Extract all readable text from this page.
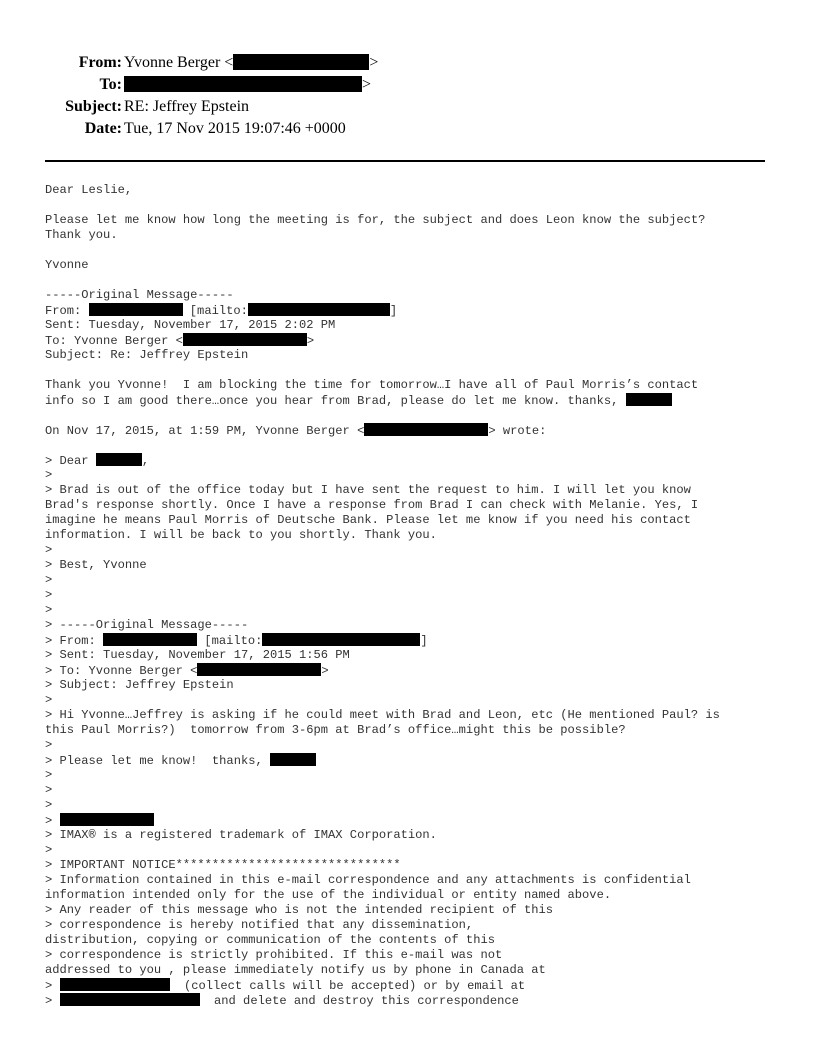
From: Yvonne Berger <	>
To:	>
Subject: RE: Jeffrey Epstein
Date: Tue, 17 Nov 2015 19:07:46 +0000
Dear Leslie,
Please let me know how long the meeting is for, the subject and does Leon know the subject?
Thank you.
Yvonne
-----Original Message-----
From:	[mailto:	]
Sent: Tuesday, November 17, 2015 2:02 PM
To: Yvonne Berger <	>
Subject: Re: Jeffrey Epstein
Thank you Yvonne!  I am blocking the time for tomorrow…I have all of Paul Morris’s contact
info so I am good there…once you hear from Brad, please do let me know. thanks,
On Nov 17, 2015, at 1:59 PM, Yvonne Berger <	> wrote:
> Dear	,
>
> Brad is out of the office today but I have sent the request to him. I will let you know
Brad's response shortly. Once I have a response from Brad I can check with Melanie. Yes, I
imagine he means Paul Morris of Deutsche Bank. Please let me know if you need his contact
information. I will be back to you shortly. Thank you.
>
> Best, Yvonne
>
>
>
> -----Original Message-----
> From:	[mailto:	]
> Sent: Tuesday, November 17, 2015 1:56 PM
> To: Yvonne Berger <	>
> Subject: Jeffrey Epstein
>
> Hi Yvonne…Jeffrey is asking if he could meet with Brad and Leon, etc (He mentioned Paul? is
this Paul Morris?)  tomorrow from 3-6pm at Brad’s office…might this be possible?
>
> Please let me know!  thanks,
>
>
>
>
> IMAX® is a registered trademark of IMAX Corporation.
>
> IMPORTANT NOTICE*******************************
> Information contained in this e-mail correspondence and any attachments is confidential
information intended only for the use of the individual or entity named above.
> Any reader of this message who is not the intended recipient of this
> correspondence is hereby notified that any dissemination,
distribution, copying or communication of the contents of this
> correspondence is strictly prohibited. If this e-mail was not
addressed to you , please immediately notify us by phone in Canada at
>	(collect calls will be accepted) or by email at
>	and delete and destroy this correspondence
